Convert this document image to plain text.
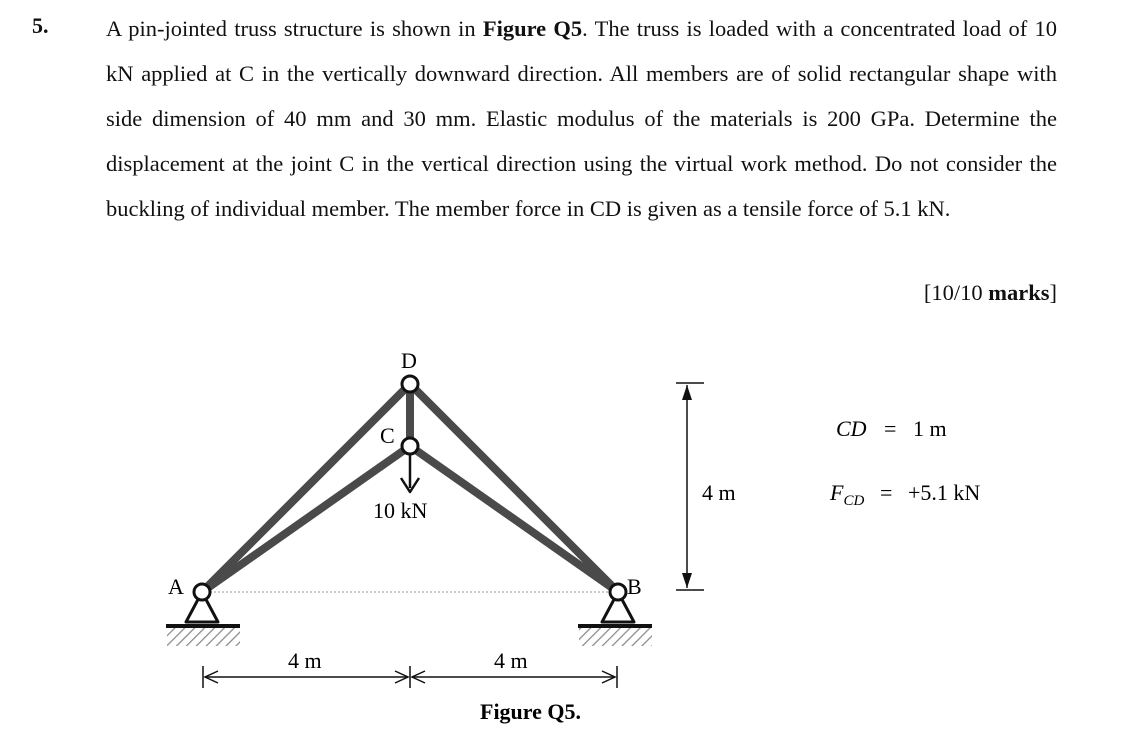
5.	A pin-jointed truss structure is shown in Figure Q5. The truss is loaded with a concentrated load of 10 kN applied at C in the vertically downward direction. All members are of solid rectangular shape with side dimension of 40 mm and 30 mm. Elastic modulus of the materials is 200 GPa. Determine the displacement at the joint C in the vertical direction using the virtual work method. Do not consider the buckling of individual member. The member force in CD is given as a tensile force of 5.1 kN.

[10/10 marks]
A	B
C
D
10 kN
4 m
4 m	4 m
Figure Q5.
CD = 1 m
$F_{CD} = +5.1$ kN
